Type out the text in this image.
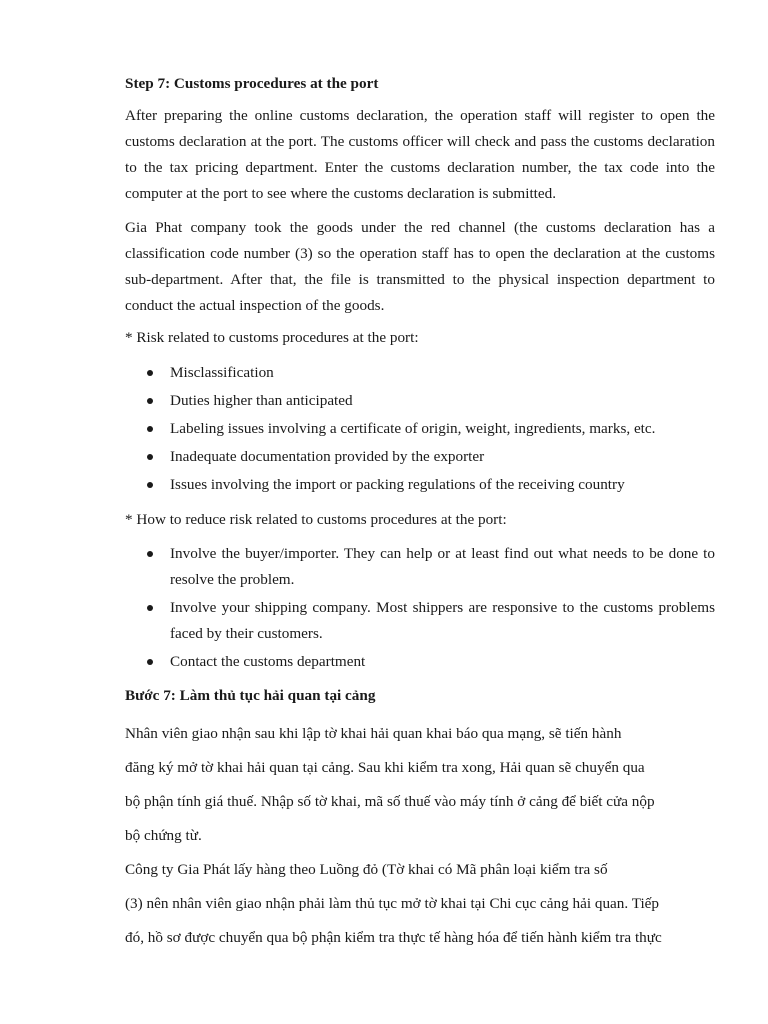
Step 7: Customs procedures at the port

After preparing the online customs declaration, the operation staff will register to open the customs declaration at the port. The customs officer will check and pass the customs declaration to the tax pricing department. Enter the customs declaration number, the tax code into the computer at the port to see where the customs declaration is submitted.

Gia Phat company took the goods under the red channel (the customs declaration has a classification code number (3) so the operation staff has to open the declaration at the customs sub-department. After that, the file is transmitted to the physical inspection department to conduct the actual inspection of the goods.

* Risk related to customs procedures at the port:
Misclassification
Duties higher than anticipated
Labeling issues involving a certificate of origin, weight, ingredients, marks, etc.
Inadequate documentation provided by the exporter
Issues involving the import or packing regulations of the receiving country
* How to reduce risk related to customs procedures at the port:
Involve the buyer/importer. They can help or at least find out what needs to be done to resolve the problem.
Involve your shipping company. Most shippers are responsive to the customs problems faced by their customers.
Contact the customs department
Bước 7: Làm thủ tục hải quan tại cảng
Nhân viên giao nhận sau khi lập tờ khai hải quan khai báo qua mạng, sẽ tiến hành
đăng ký mở tờ khai hải quan tại cảng. Sau khi kiểm tra xong, Hải quan sẽ chuyển qua
bộ phận tính giá thuế. Nhập số tờ khai, mã số thuế vào máy tính ở cảng để biết cửa nộp
bộ chứng từ.
Công ty Gia Phát lấy hàng theo Luồng đỏ (Tờ khai có Mã phân loại kiểm tra số
(3) nên nhân viên giao nhận phải làm thủ tục mở tờ khai tại Chi cục cảng hải quan. Tiếp
đó, hồ sơ được chuyển qua bộ phận kiểm tra thực tế hàng hóa để tiến hành kiểm tra thực
